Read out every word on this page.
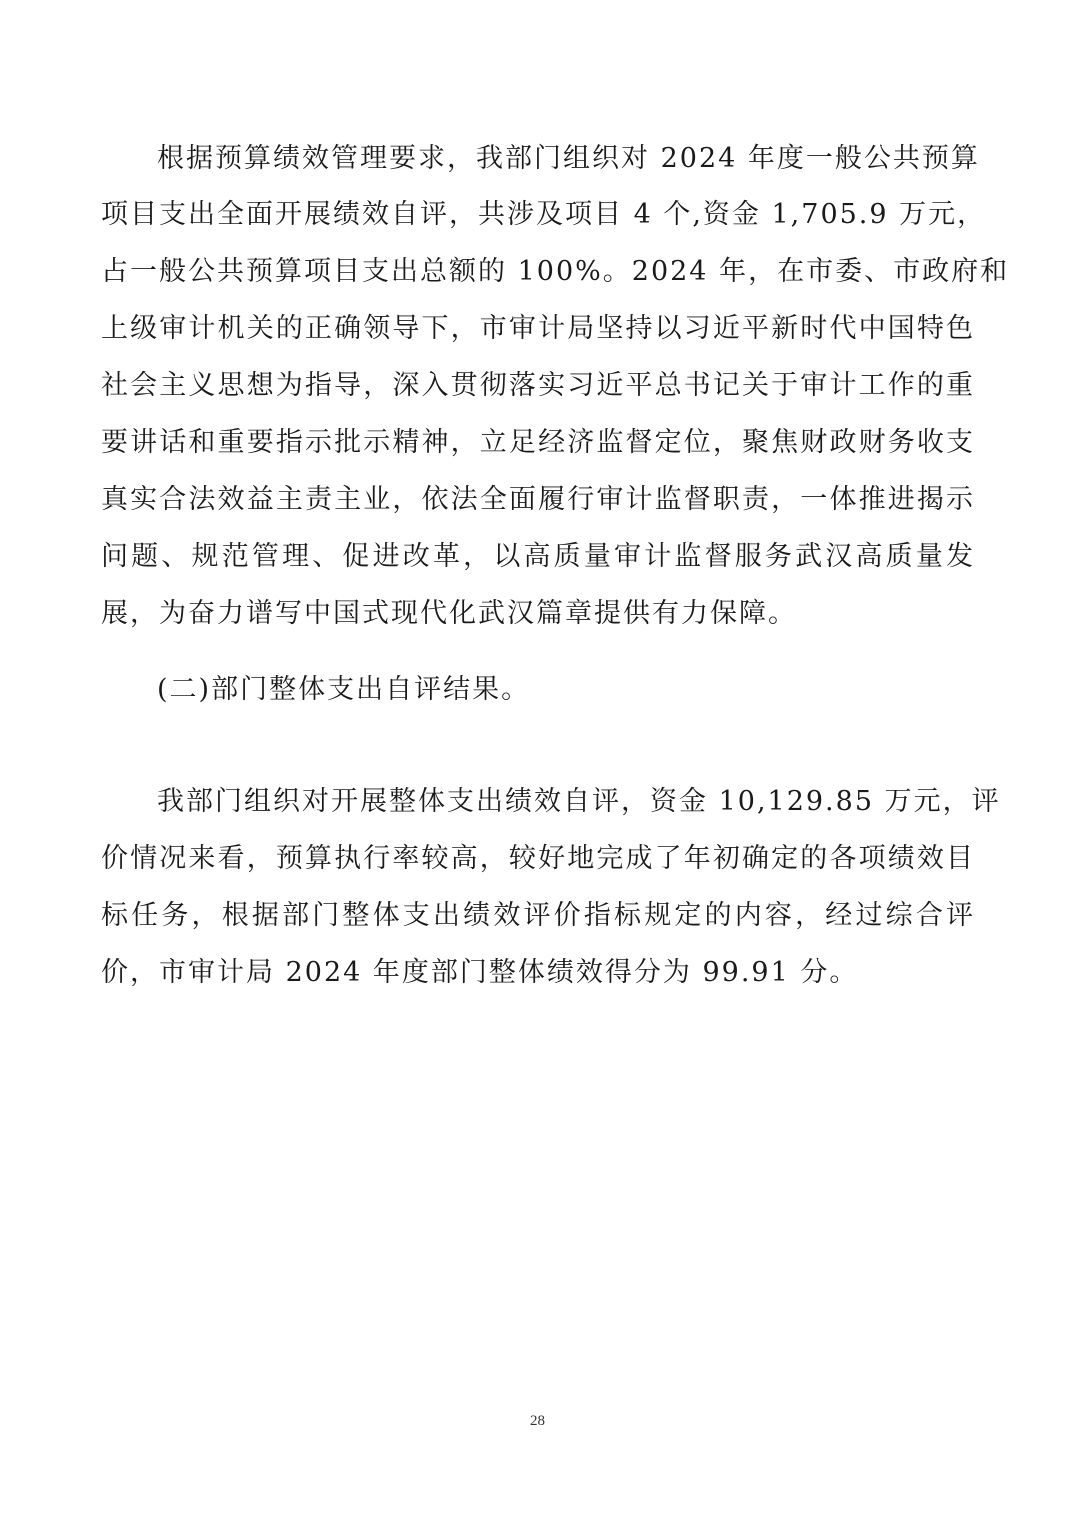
根据预算绩效管理要求，我部门组织对 2024 年度一般公共预算
项目支出全面开展绩效自评，共涉及项目 4 个,资金 1,705.9 万元，
占一般公共预算项目支出总额的 100%。2024 年，在市委、市政府和
上级审计机关的正确领导下，市审计局坚持以习近平新时代中国特色
社会主义思想为指导，深入贯彻落实习近平总书记关于审计工作的重
要讲话和重要指示批示精神，立足经济监督定位，聚焦财政财务收支
真实合法效益主责主业，依法全面履行审计监督职责，一体推进揭示
问题、规范管理、促进改革，以高质量审计监督服务武汉高质量发
展，为奋力谱写中国式现代化武汉篇章提供有力保障。
(二)部门整体支出自评结果。
我部门组织对开展整体支出绩效自评，资金 10,129.85 万元，评
价情况来看，预算执行率较高，较好地完成了年初确定的各项绩效目
标任务，根据部门整体支出绩效评价指标规定的内容，经过综合评
价，市审计局 2024 年度部门整体绩效得分为 99.91 分。
28
